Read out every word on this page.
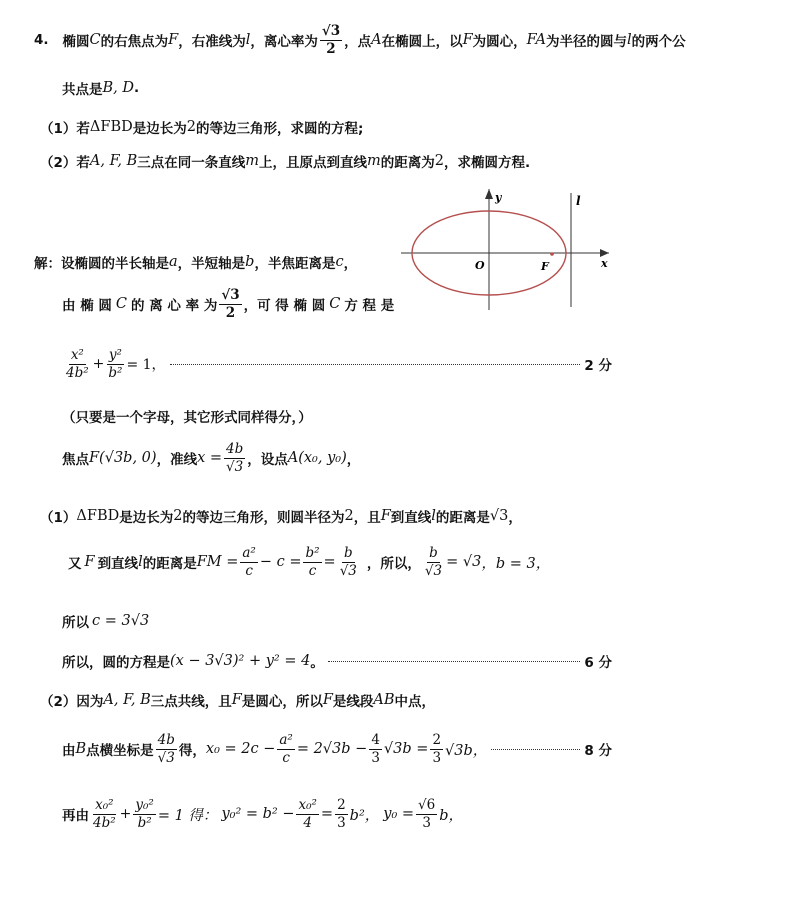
4. 椭圆 C 的右焦点为 F ，右准线为 l ，离心率为 $\frac{√3}{2}$ ，点 A 在椭圆上，以 F 为圆心， FA 为半径的圆与 l 的两个公
共点是 B, D .
（1）若 ΔFBD 是边长为 2 的等边三角形，求圆的方程;
（2）若 A, F, B 三点在同一条直线 m 上，且原点到直线 m 的距离为 2 ，求椭圆方程.
y
x
l
O	F
解：设椭圆的半长轴是 a ，半短轴是 b ，半焦距离是 c ，
由 椭 圆 C 的 离 心 率 为 $\frac{√3}{2}$ ，可 得 椭 圆 C 方 程 是
$\frac{\text{x²}}{\text{4b²}} + \frac{\text{y²}}{\text{b²}} = 1$，	2 分
（只要是一个字母，其它形式同样得分，）
焦点 F(√3b, 0) ，准线 $x = \frac{4b}{√3}$ ，设点 A(x₀, y₀) ，
（1） ΔFBD 是边长为 2 的等边三角形，则圆半径为 2 ，且 F 到直线 l 的距离是 √3 ，
又 F 到直线 l 的距离是 FM = $\frac{\text{a²}}{c} - c = \frac{\text{b²}}{c} = \frac{b}{√3}$ ，所以， $\frac{b}{√3} = √3$ ，b = 3，
所以 c = 3√3
所以，圆的方程是 (x − 3√3)² + y² = 4 。	6 分
（2）因为 A, F, B 三点共线，且 F 是圆心，所以 F 是线段 AB 中点，
由 B 点横坐标是 $\frac{4b}{√3}$ 得， $x_0 = 2c - \frac{\text{a²}}{c} = 2√3b - \frac{4}{3} √3b = \frac{2}{3} √3b$，	8 分
再由 $\frac{\text{x₀²}}{\text{4b²}} + \frac{\text{y₀²}}{\text{b²}} = 1$ 得： $y_0^2 = b^2 - \frac{\text{x₀²}}{4} = \frac{2}{3} b^2$， $y_0 = \frac{√6}{3}$ b，
